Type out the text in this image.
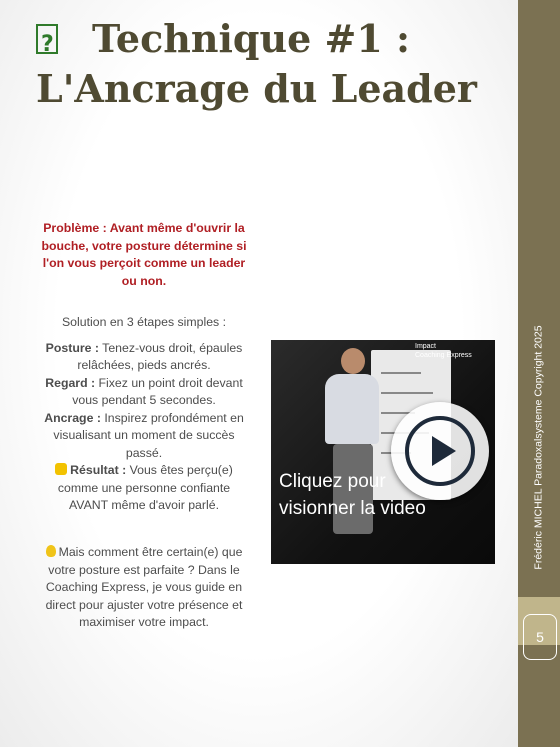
Frédéric MICHEL Paradoxalsysteme Copyright 2025
5
?Technique #1 :
L'Ancrage du Leader
Problème : Avant même d'ouvrir la bouche, votre posture détermine si l'on vous perçoit comme un leader ou non.

Solution en 3 étapes simples :

Posture : Tenez-vous droit, épaules relâchées, pieds ancrés.

Regard : Fixez un point droit devant vous pendant 5 secondes.

Ancrage : Inspirez profondément en visualisant un moment de succès passé.

Résultat : Vous êtes perçu(e) comme une personne confiante AVANT même d'avoir parlé.

Mais comment être certain(e) que votre posture est parfaite ? Dans le Coaching Express, je vous guide en direct pour ajuster votre présence et maximiser votre impact.
Impact
Coaching Express
Cliquez pour visionner la video
